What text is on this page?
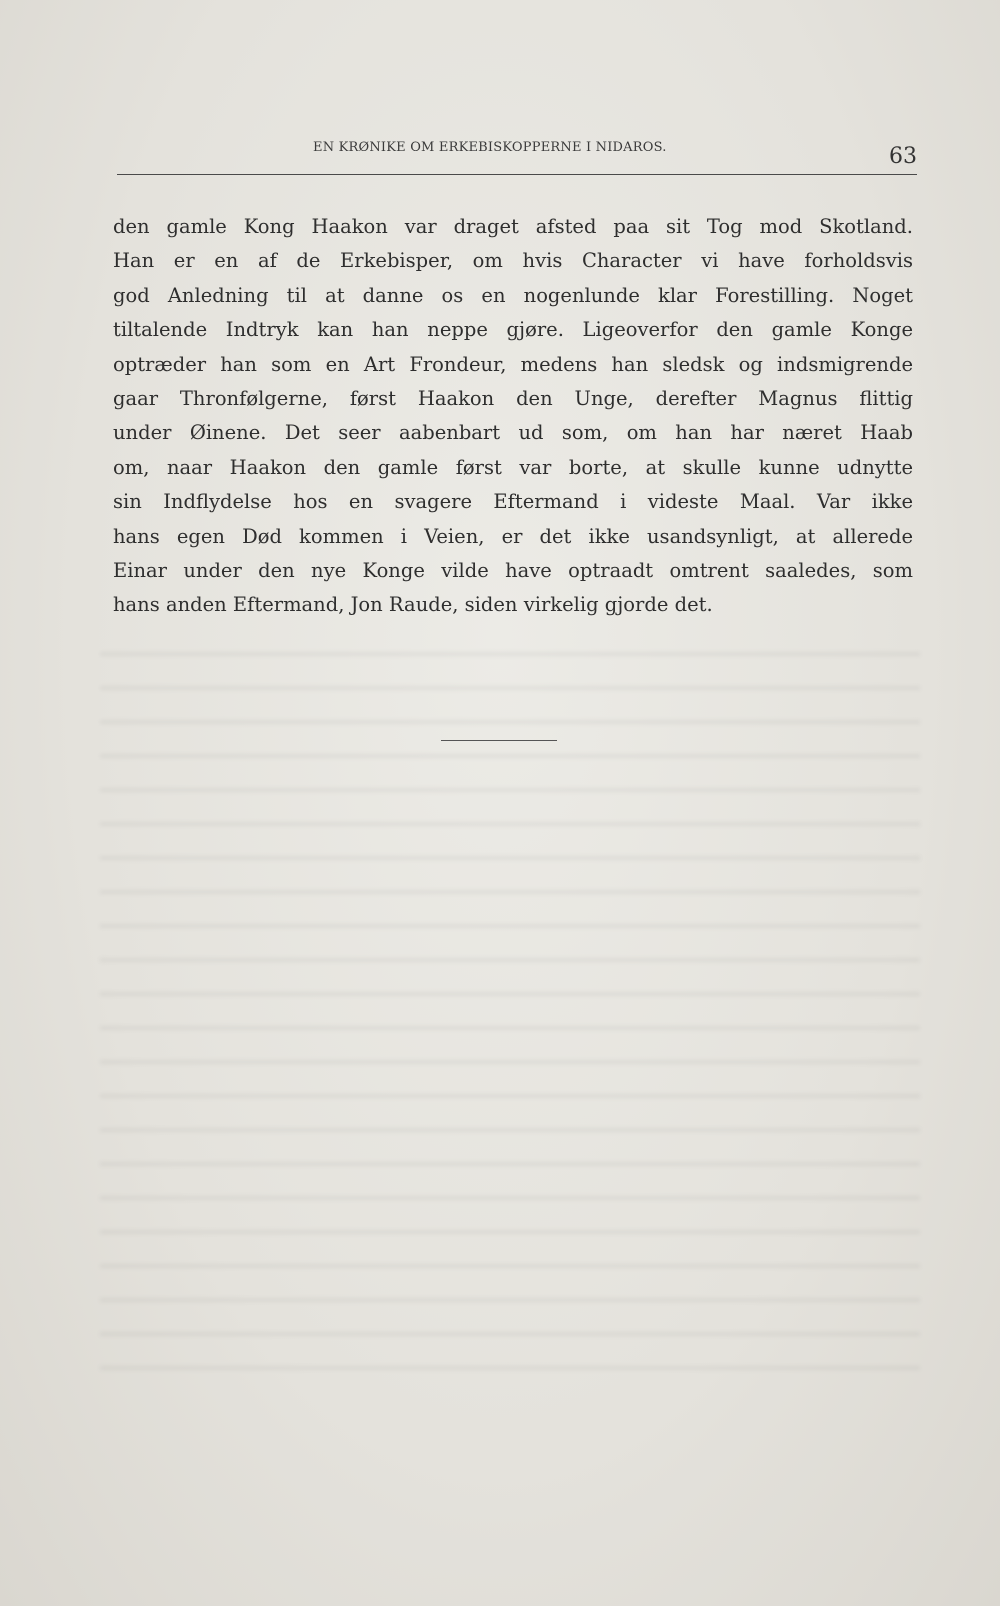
EN KRØNIKE OM ERKEBISKOPPERNE I NIDAROS.	63
den gamle Kong Haakon var draget afsted paa sit Tog mod Skotland.
Han er en af de Erkebisper, om hvis Character vi have forholdsvis
god Anledning til at danne os en nogenlunde klar Forestilling. Noget
tiltalende Indtryk kan han neppe gjøre. Ligeoverfor den gamle Konge
optræder han som en Art Frondeur, medens han sledsk og indsmigrende
gaar Thronfølgerne, først Haakon den Unge, derefter Magnus flittig
under Øinene. Det seer aabenbart ud som, om han har næret Haab
om, naar Haakon den gamle først var borte, at skulle kunne udnytte
sin Indflydelse hos en svagere Eftermand i videste Maal. Var ikke
hans egen Død kommen i Veien, er det ikke usandsynligt, at allerede
Einar under den nye Konge vilde have optraadt omtrent saaledes, som
hans anden Eftermand, Jon Raude, siden virkelig gjorde det.
